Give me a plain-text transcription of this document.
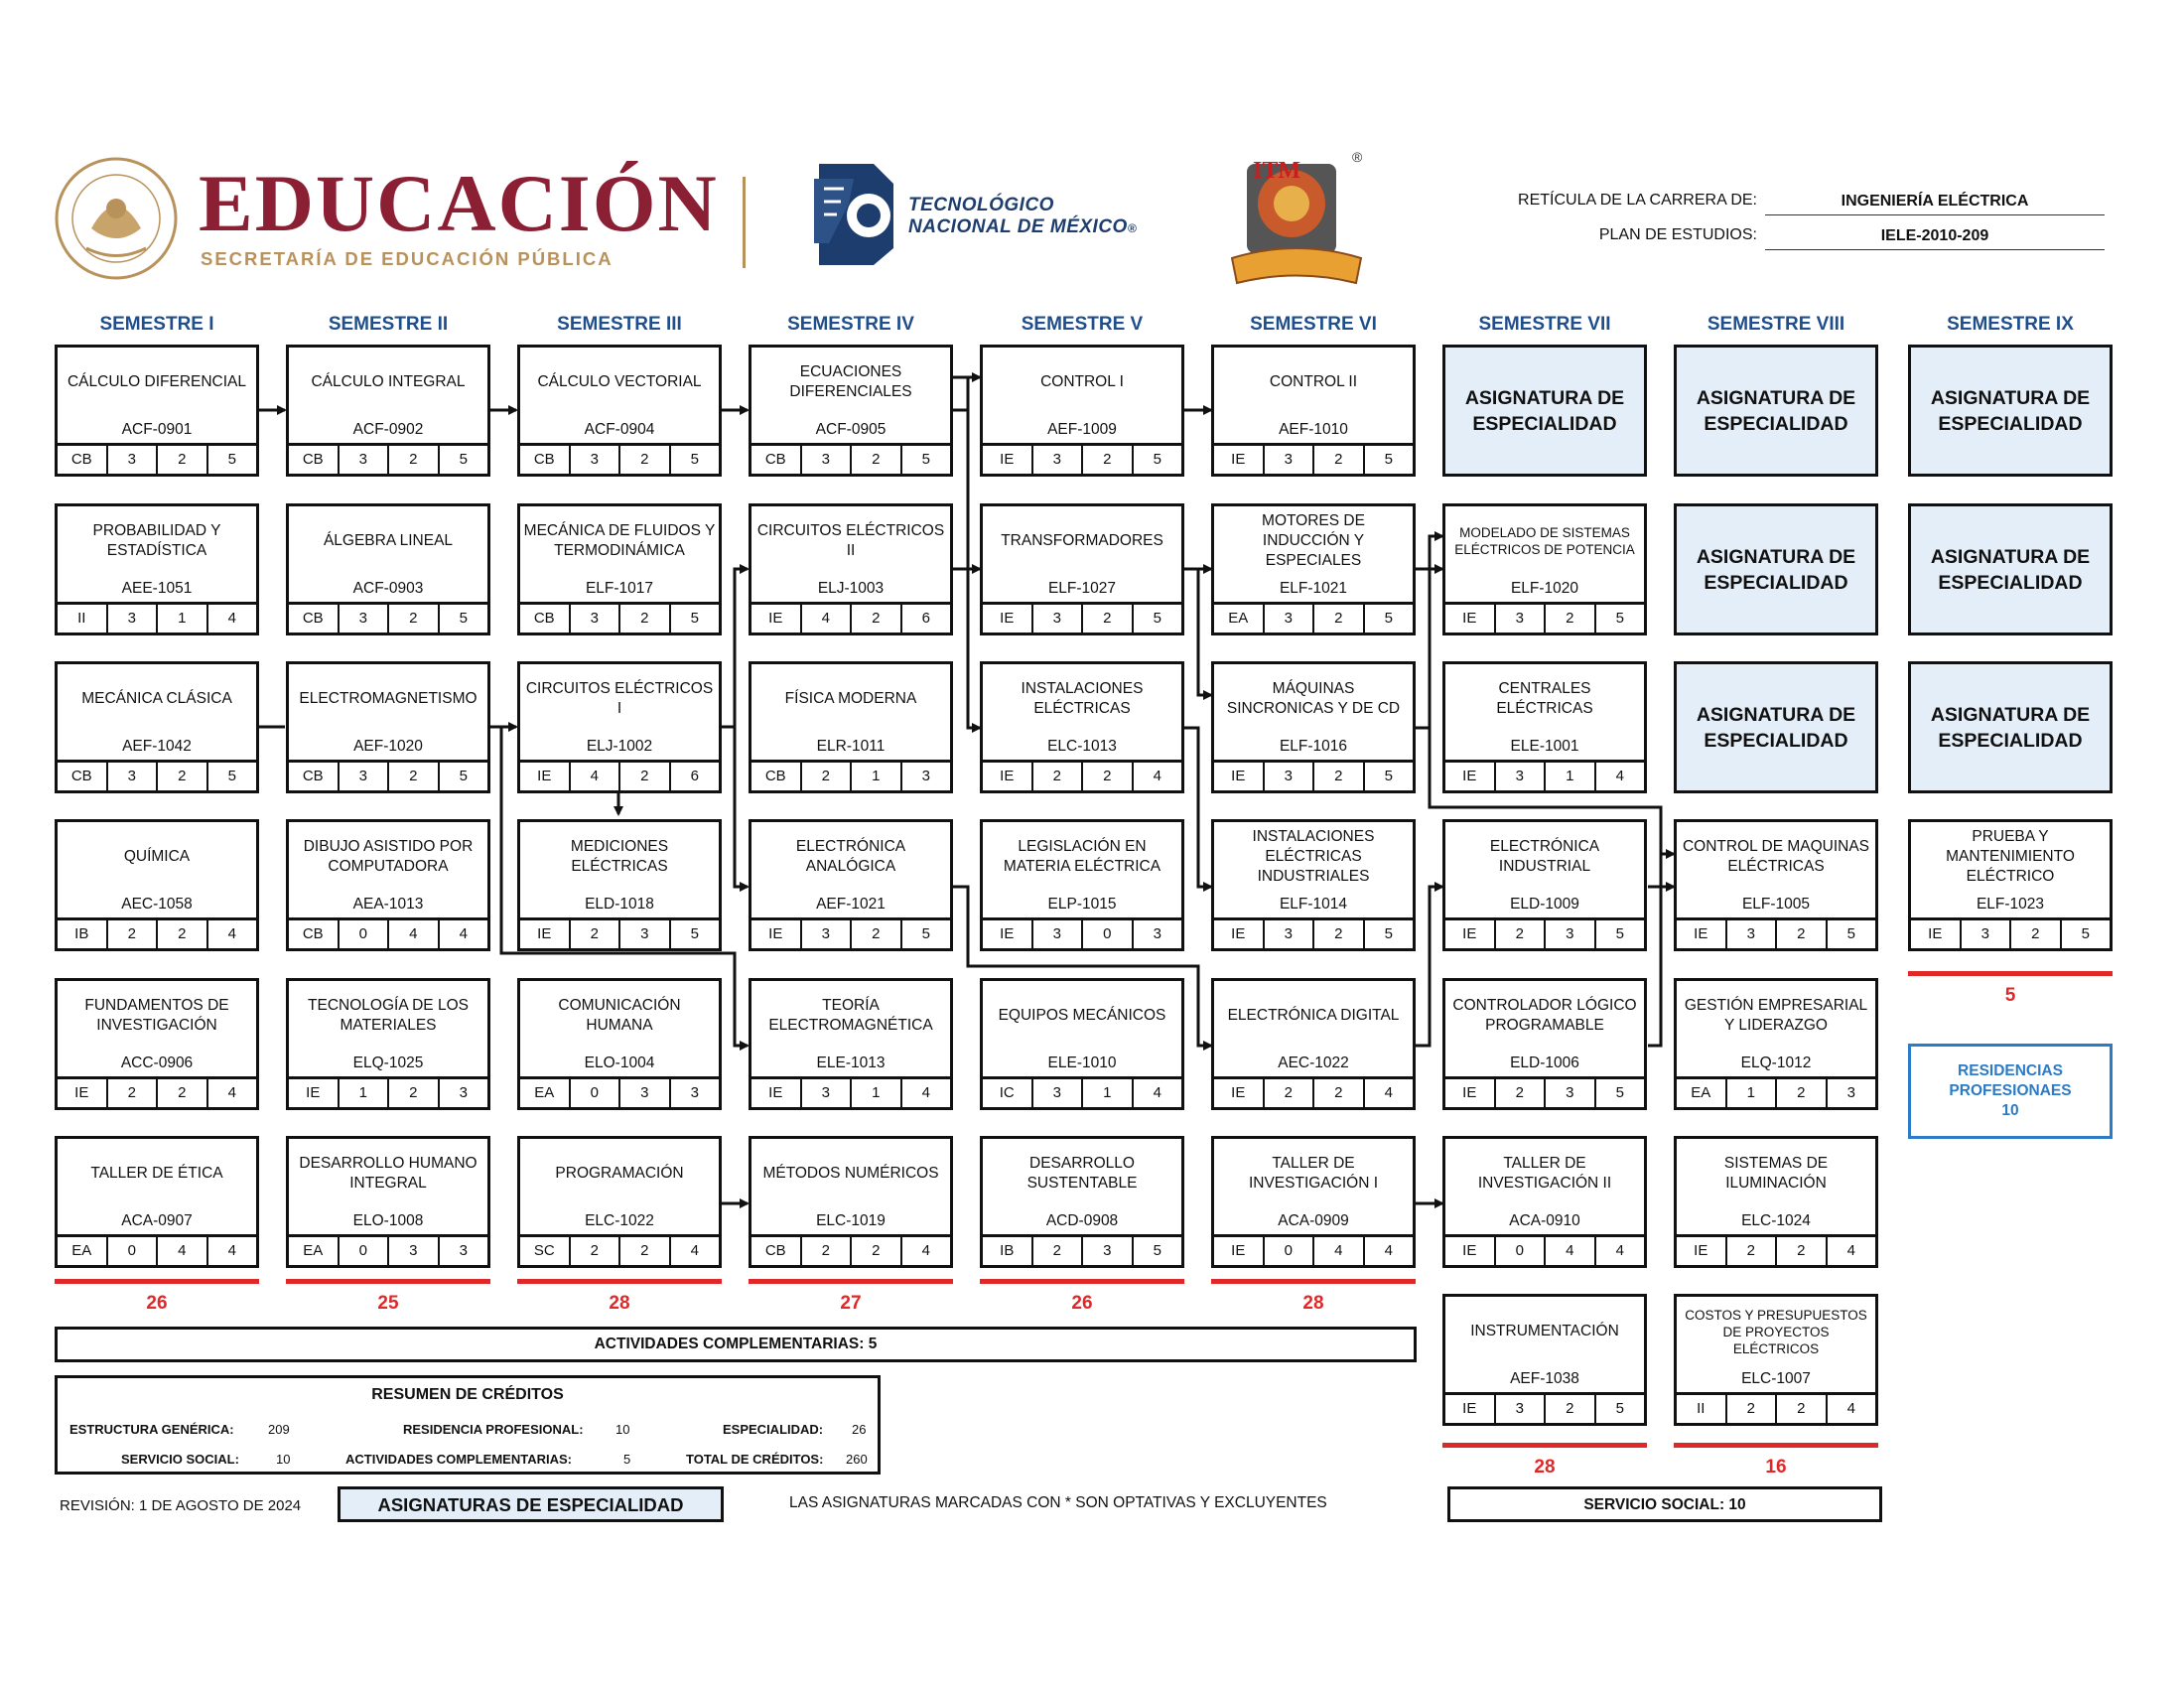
EDUCACIÓN
SECRETARÍA DE EDUCACIÓN PÚBLICA
TECNOLÓGICO
NACIONAL DE MÉXICO®
ITM
®
RETÍCULA DE LA CARRERA DE:	INGENIERÍA ELÉCTRICA
PLAN DE ESTUDIOS:	IELE-2010-209
SEMESTRE I	SEMESTRE II	SEMESTRE III	SEMESTRE IV	SEMESTRE V	SEMESTRE VI	SEMESTRE VII	SEMESTRE VIII	SEMESTRE IX
CÁLCULO DIFERENCIAL
ACF-0901
CB	3	2	5
PROBABILIDAD Y ESTADÍSTICA
AEE-1051
II	3	1	4
MECÁNICA CLÁSICA
AEF-1042
CB	3	2	5
QUÍMICA
AEC-1058
IB	2	2	4
FUNDAMENTOS DE INVESTIGACIÓN
ACC-0906
IE	2	2	4
TALLER DE ÉTICA
ACA-0907
EA	0	4	4
CÁLCULO INTEGRAL
ACF-0902
CB	3	2	5
ÁLGEBRA LINEAL
ACF-0903
CB	3	2	5
ELECTROMAGNETISMO
AEF-1020
CB	3	2	5
DIBUJO ASISTIDO POR COMPUTADORA
AEA-1013
CB	0	4	4
TECNOLOGÍA DE LOS MATERIALES
ELQ-1025
IE	1	2	3
DESARROLLO HUMANO INTEGRAL
ELO-1008
EA	0	3	3
CÁLCULO VECTORIAL
ACF-0904
CB	3	2	5
MECÁNICA DE FLUIDOS Y TERMODINÁMICA
ELF-1017
CB	3	2	5
CIRCUITOS ELÉCTRICOS I
ELJ-1002
IE	4	2	6
MEDICIONES ELÉCTRICAS
ELD-1018
IE	2	3	5
COMUNICACIÓN HUMANA
ELO-1004
EA	0	3	3
PROGRAMACIÓN
ELC-1022
SC	2	2	4
ECUACIONES DIFERENCIALES
ACF-0905
CB	3	2	5
CIRCUITOS ELÉCTRICOS II
ELJ-1003
IE	4	2	6
FÍSICA MODERNA
ELR-1011
CB	2	1	3
ELECTRÓNICA ANALÓGICA
AEF-1021
IE	3	2	5
TEORÍA ELECTROMAGNÉTICA
ELE-1013
IE	3	1	4
MÉTODOS NUMÉRICOS
ELC-1019
CB	2	2	4
CONTROL I
AEF-1009
IE	3	2	5
TRANSFORMADORES
ELF-1027
IE	3	2	5
INSTALACIONES ELÉCTRICAS
ELC-1013
IE	2	2	4
LEGISLACIÓN EN MATERIA ELÉCTRICA
ELP-1015
IE	3	0	3
EQUIPOS MECÁNICOS
ELE-1010
IC	3	1	4
DESARROLLO SUSTENTABLE
ACD-0908
IB	2	3	5
CONTROL II
AEF-1010
IE	3	2	5
MOTORES DE INDUCCIÓN Y ESPECIALES
ELF-1021
EA	3	2	5
MÁQUINAS SINCRONICAS Y DE CD
ELF-1016
IE	3	2	5
INSTALACIONES ELÉCTRICAS INDUSTRIALES
ELF-1014
IE	3	2	5
ELECTRÓNICA DIGITAL
AEC-1022
IE	2	2	4
TALLER DE INVESTIGACIÓN I
ACA-0909
IE	0	4	4
MODELADO DE SISTEMAS ELÉCTRICOS DE POTENCIA
ELF-1020
IE	3	2	5
CENTRALES ELÉCTRICAS
ELE-1001
IE	3	1	4
ELECTRÓNICA INDUSTRIAL
ELD-1009
IE	2	3	5
CONTROLADOR LÓGICO PROGRAMABLE
ELD-1006
IE	2	3	5
TALLER DE INVESTIGACIÓN II
ACA-0910
IE	0	4	4
INSTRUMENTACIÓN
AEF-1038
IE	3	2	5
CONTROL DE MAQUINAS ELÉCTRICAS
ELF-1005
IE	3	2	5
GESTIÓN EMPRESARIAL Y LIDERAZGO
ELQ-1012
EA	1	2	3
SISTEMAS DE ILUMINACIÓN
ELC-1024
IE	2	2	4
COSTOS Y PRESUPUESTOS DE PROYECTOS ELÉCTRICOS
ELC-1007
II	2	2	4
PRUEBA Y MANTENIMIENTO ELÉCTRICO
ELF-1023
IE	3	2	5
ASIGNATURA DE ESPECIALIDAD
ASIGNATURA DE ESPECIALIDAD
ASIGNATURA DE ESPECIALIDAD
ASIGNATURA DE ESPECIALIDAD
ASIGNATURA DE ESPECIALIDAD
ASIGNATURA DE ESPECIALIDAD
ASIGNATURA DE ESPECIALIDAD
26	25	28	27	26	28
28	16
5
RESIDENCIAS
PROFESIONAES
10
ACTIVIDADES COMPLEMENTARIAS: 5
RESUMEN DE CRÉDITOS
ESTRUCTURA GENÉRICA:	209	RESIDENCIA PROFESIONAL: 10	ESPECIALIDAD: 26
SERVICIO SOCIAL:	10	ACTIVIDADES COMPLEMENTARIAS:	5	TOTAL DE CRÉDITOS: 260
REVISIÓN: 1 DE AGOSTO DE 2024	ASIGNATURAS DE ESPECIALIDAD	LAS ASIGNATURAS MARCADAS CON * SON OPTATIVAS Y EXCLUYENTES	SERVICIO SOCIAL: 10
